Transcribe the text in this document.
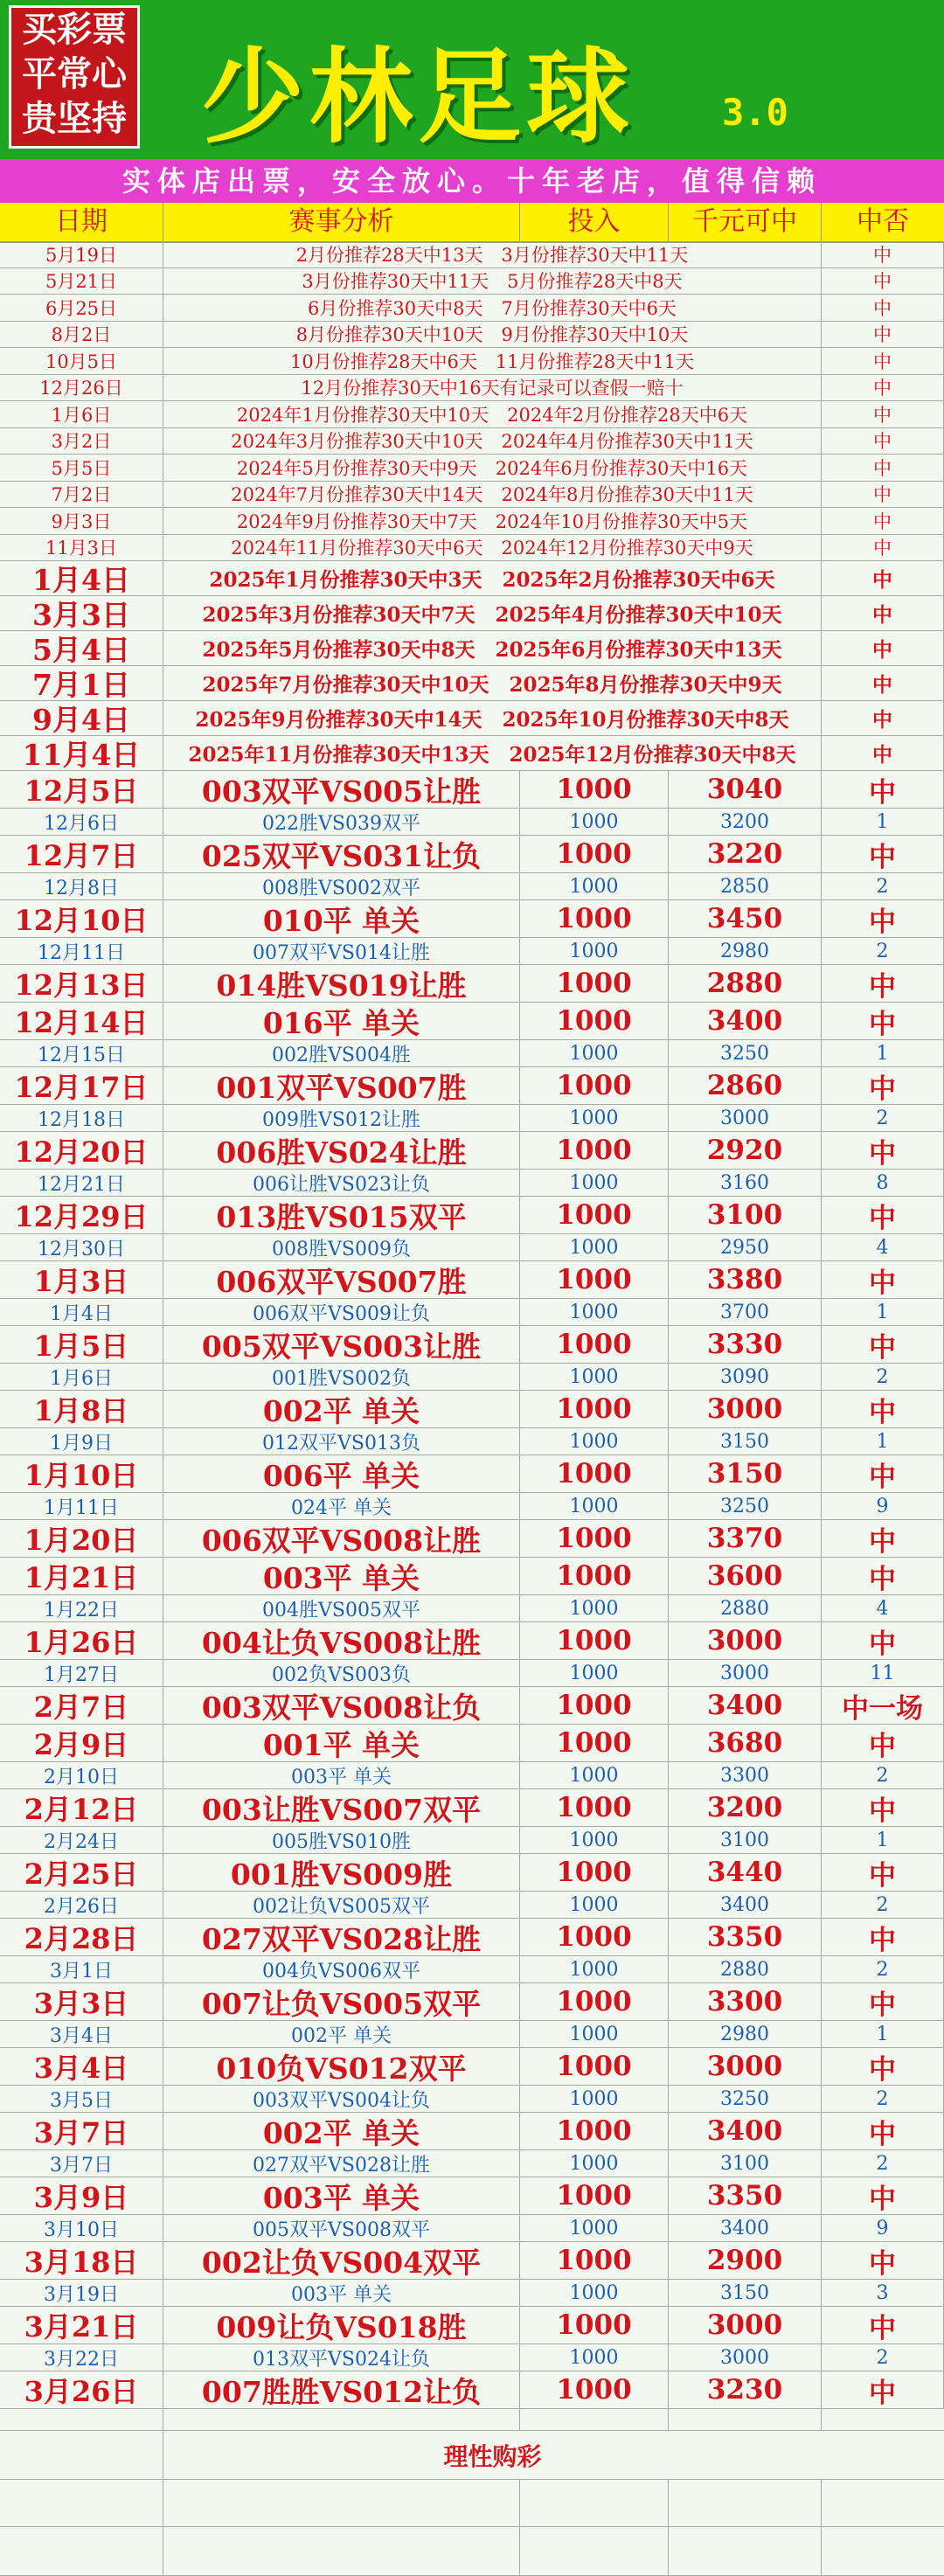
买彩票
平常心
贵坚持 少林足球 3.0
实体店出票，安全放心。十年老店，值得信赖
日期	赛事分析	投入	千元可中	中否
5月19日	2月份推荐28天中13天　3月份推荐30天中11天	中
5月21日	3月份推荐30天中11天　5月份推荐28天中8天	中
6月25日	6月份推荐30天中8天　7月份推荐30天中6天	中
8月2日	8月份推荐30天中10天　9月份推荐30天中10天	中
10月5日	10月份推荐28天中6天　11月份推荐28天中11天	中
12月26日	12月份推荐30天中16天有记录可以查假一赔十	中
1月6日	2024年1月份推荐30天中10天　2024年2月份推荐28天中6天	中
3月2日	2024年3月份推荐30天中10天　2024年4月份推荐30天中11天	中
5月5日	2024年5月份推荐30天中9天　2024年6月份推荐30天中16天	中
7月2日	2024年7月份推荐30天中14天　2024年8月份推荐30天中11天	中
9月3日	2024年9月份推荐30天中7天　2024年10月份推荐30天中5天	中
11月3日	2024年11月份推荐30天中6天　2024年12月份推荐30天中9天	中
1月4日	2025年1月份推荐30天中3天　2025年2月份推荐30天中6天	中
3月3日	2025年3月份推荐30天中7天　2025年4月份推荐30天中10天	中
5月4日	2025年5月份推荐30天中8天　2025年6月份推荐30天中13天	中
7月1日	2025年7月份推荐30天中10天　2025年8月份推荐30天中9天	中
9月4日	2025年9月份推荐30天中14天　2025年10月份推荐30天中8天	中
11月4日	2025年11月份推荐30天中13天　2025年12月份推荐30天中8天	中
12月5日	003双平VS005让胜	1000	3040	中
12月6日	022胜VS039双平	1000	3200	1
12月7日	025双平VS031让负	1000	3220	中
12月8日	008胜VS002双平	1000	2850	2
12月10日	010平 单关	1000	3450	中
12月11日	007双平VS014让胜	1000	2980	2
12月13日	014胜VS019让胜	1000	2880	中
12月14日	016平 单关	1000	3400	中
12月15日	002胜VS004胜	1000	3250	1
12月17日	001双平VS007胜	1000	2860	中
12月18日	009胜VS012让胜	1000	3000	2
12月20日	006胜VS024让胜	1000	2920	中
12月21日	006让胜VS023让负	1000	3160	8
12月29日	013胜VS015双平	1000	3100	中
12月30日	008胜VS009负	1000	2950	4
1月3日	006双平VS007胜	1000	3380	中
1月4日	006双平VS009让负	1000	3700	1
1月5日	005双平VS003让胜	1000	3330	中
1月6日	001胜VS002负	1000	3090	2
1月8日	002平 单关	1000	3000	中
1月9日	012双平VS013负	1000	3150	1
1月10日	006平 单关	1000	3150	中
1月11日	024平 单关	1000	3250	9
1月20日	006双平VS008让胜	1000	3370	中
1月21日	003平 单关	1000	3600	中
1月22日	004胜VS005双平	1000	2880	4
1月26日	004让负VS008让胜	1000	3000	中
1月27日	002负VS003负	1000	3000	11
2月7日	003双平VS008让负	1000	3400	中一场
2月9日	001平 单关	1000	3680	中
2月10日	003平 单关	1000	3300	2
2月12日	003让胜VS007双平	1000	3200	中
2月24日	005胜VS010胜	1000	3100	1
2月25日	001胜VS009胜	1000	3440	中
2月26日	002让负VS005双平	1000	3400	2
2月28日	027双平VS028让胜	1000	3350	中
3月1日	004负VS006双平	1000	2880	2
3月3日	007让负VS005双平	1000	3300	中
3月4日	002平 单关	1000	2980	1
3月4日	010负VS012双平	1000	3000	中
3月5日	003双平VS004让负	1000	3250	2
3月7日	002平 单关	1000	3400	中
3月7日	027双平VS028让胜	1000	3100	2
3月9日	003平 单关	1000	3350	中
3月10日	005双平VS008双平	1000	3400	9
3月18日	002让负VS004双平	1000	2900	中
3月19日	003平 单关	1000	3150	3
3月21日	009让负VS018胜	1000	3000	中
3月22日	013双平VS024让负	1000	3000	2
3月26日	007胜胜VS012让负	1000	3230	中
理性购彩
